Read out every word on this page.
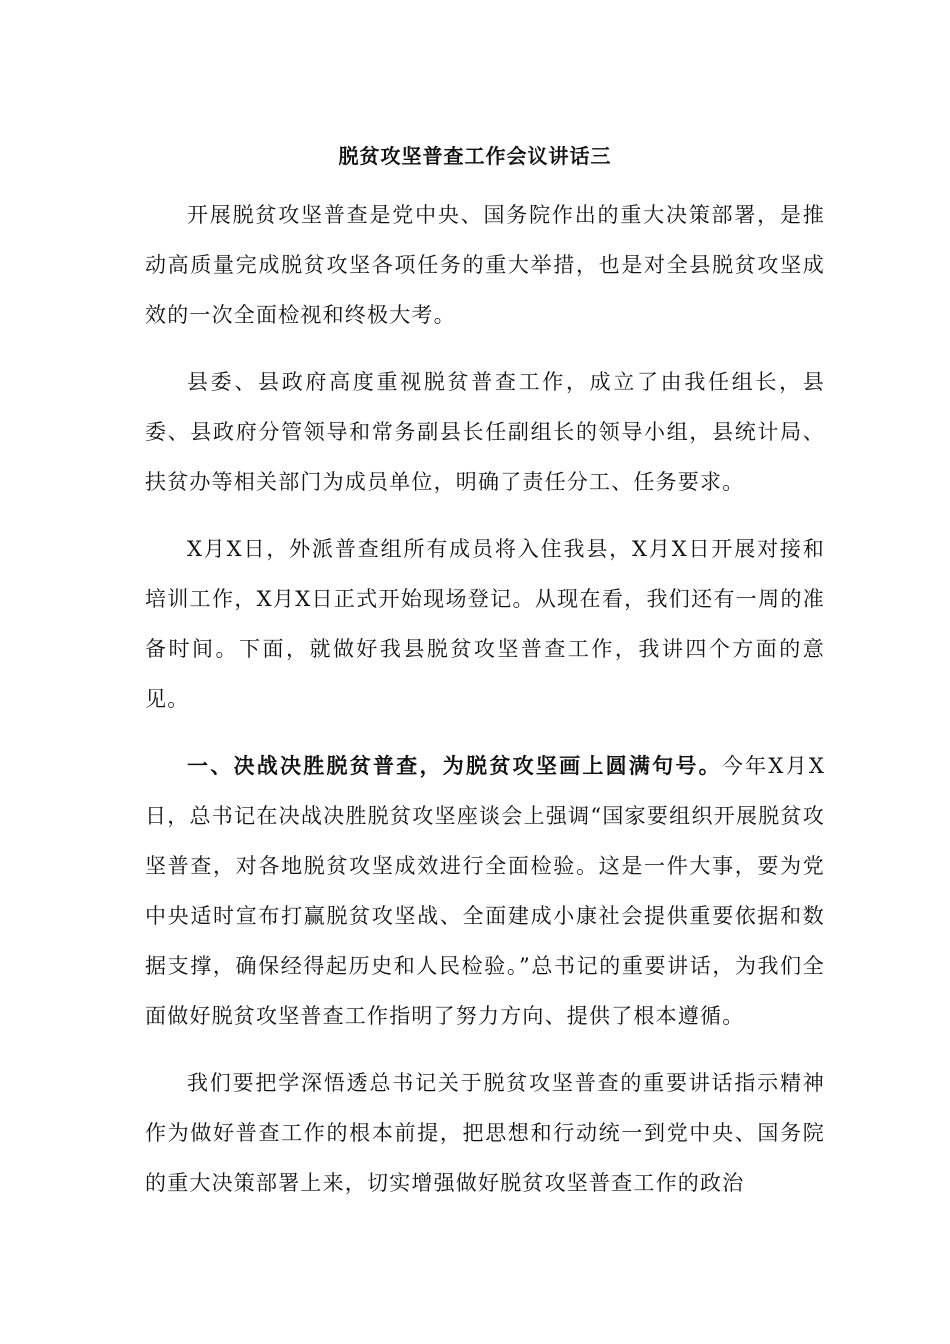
脱贫攻坚普查工作会议讲话三

开展脱贫攻坚普查是党中央、国务院作出的重大决策部署，是推动高质量完成脱贫攻坚各项任务的重大举措，也是对全县脱贫攻坚成效的一次全面检视和终极大考。

县委、县政府高度重视脱贫普查工作，成立了由我任组长，县委、县政府分管领导和常务副县长任副组长的领导小组，县统计局、扶贫办等相关部门为成员单位，明确了责任分工、任务要求。

X月X日，外派普查组所有成员将入住我县，X月X日开展对接和培训工作，X月X日正式开始现场登记。从现在看，我们还有一周的准备时间。下面，就做好我县脱贫攻坚普查工作，我讲四个方面的意见。

一、决战决胜脱贫普查，为脱贫攻坚画上圆满句号。今年X月X日，总书记在决战决胜脱贫攻坚座谈会上强调“国家要组织开展脱贫攻坚普查，对各地脱贫攻坚成效进行全面检验。这是一件大事，要为党中央适时宣布打赢脱贫攻坚战、全面建成小康社会提供重要依据和数据支撑，确保经得起历史和人民检验。”总书记的重要讲话，为我们全面做好脱贫攻坚普查工作指明了努力方向、提供了根本遵循。

我们要把学深悟透总书记关于脱贫攻坚普查的重要讲话指示精神作为做好普查工作的根本前提，把思想和行动统一到党中央、国务院的重大决策部署上来，切实增强做好脱贫攻坚普查工作的政治
